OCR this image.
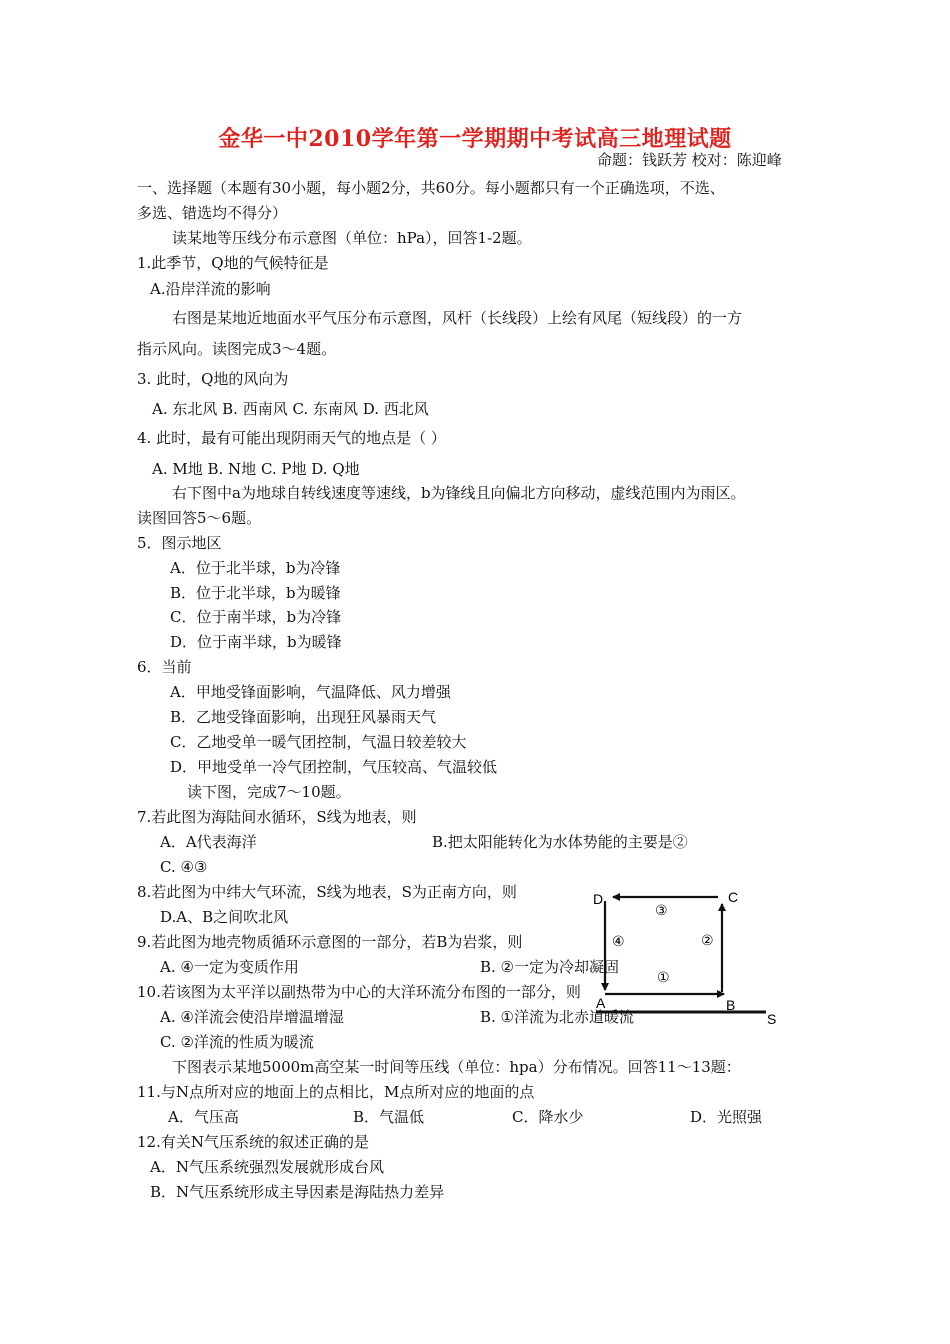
金华一中2010学年第一学期期中考试高三地理试题
命题：钱跃芳 校对：陈迎峰
一、选择题（本题有30小题，每小题2分，共60分。每小题都只有一个正确选项，不选、
多选、错选均不得分）
读某地等压线分布示意图（单位：hPa），回答1-2题。
1.此季节，Q地的气候特征是
A.沿岸洋流的影响
右图是某地近地面水平气压分布示意图，风杆（长线段）上绘有风尾（短线段）的一方
指示风向。读图完成3～4题。
3. 此时，Q地的风向为
A. 东北风 B. 西南风 C. 东南风 D. 西北风
4. 此时，最有可能出现阴雨天气的地点是（ ）
A. M地 B. N地 C. P地 D. Q地
右下图中a为地球自转线速度等速线，b为锋线且向偏北方向移动，虚线范围内为雨区。
读图回答5～6题。
5．图示地区
A．位于北半球，b为冷锋
B．位于北半球，b为暖锋
C．位于南半球，b为冷锋
D．位于南半球，b为暖锋
6．当前
A．甲地受锋面影响，气温降低、风力增强
B．乙地受锋面影响，出现狂风暴雨天气
C．乙地受单一暖气团控制，气温日较差较大
D．甲地受单一冷气团控制，气压较高、气温较低
读下图，完成7～10题。
7.若此图为海陆间水循环，S线为地表，则
A．A代表海洋	B.把太阳能转化为水体势能的主要是②
C. ④③
8.若此图为中纬大气环流，S线为地表，S为正南方向，则
D.A、B之间吹北风
9.若此图为地壳物质循环示意图的一部分，若B为岩浆，则
A. ④一定为变质作用	B. ②一定为冷却凝固
10.若该图为太平洋以副热带为中心的大洋环流分布图的一部分，则
A. ④洋流会使沿岸增温增湿	B. ①洋流为北赤道暖流
C. ②洋流的性质为暖流
下图表示某地5000m高空某一时间等压线（单位：hpa）分布情况。回答11～13题：
11.与N点所对应的地面上的点相比，M点所对应的地面的点
A．气压高	B．气温低	C．降水少	D．光照强
12.有关N气压系统的叙述正确的是
A．N气压系统强烈发展就形成台风
B．N气压系统形成主导因素是海陆热力差异
D	C
A	B
S
③
②
④
①
